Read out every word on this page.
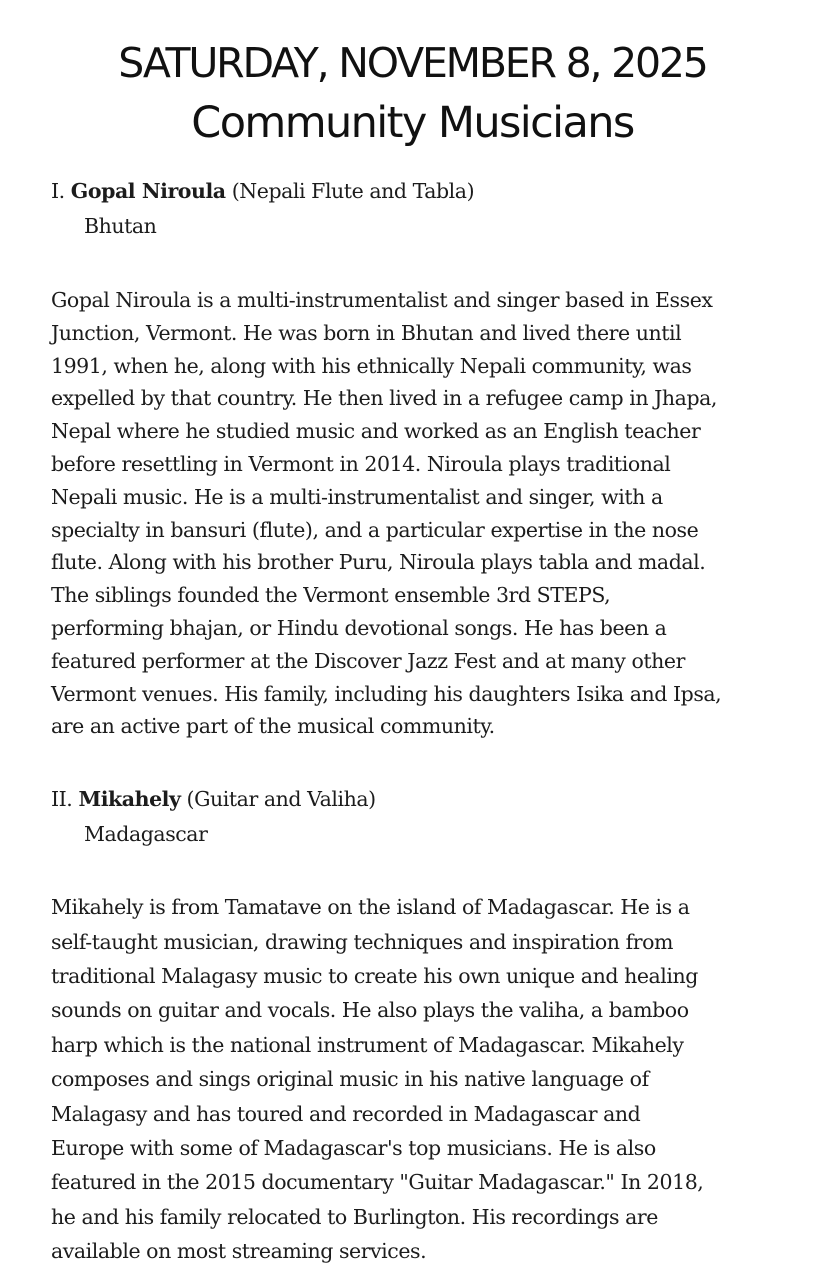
SATURDAY, NOVEMBER 8, 2025
Community Musicians
I. Gopal Niroula (Nepali Flute and Tabla)
Bhutan

Gopal Niroula is a multi-instrumentalist and singer based in Essex
Junction, Vermont. He was born in Bhutan and lived there until
1991, when he, along with his ethnically Nepali community, was
expelled by that country. He then lived in a refugee camp in Jhapa,
Nepal where he studied music and worked as an English teacher
before resettling in Vermont in 2014. Niroula plays traditional
Nepali music. He is a multi-instrumentalist and singer, with a
specialty in bansuri (flute), and a particular expertise in the nose
flute. Along with his brother Puru, Niroula plays tabla and madal.
The siblings founded the Vermont ensemble 3rd STEPS,
performing bhajan, or Hindu devotional songs. He has been a
featured performer at the Discover Jazz Fest and at many other
Vermont venues. His family, including his daughters Isika and Ipsa,
are an active part of the musical community.

II. Mikahely (Guitar and Valiha)
Madagascar

Mikahely is from Tamatave on the island of Madagascar. He is a
self-taught musician, drawing techniques and inspiration from
traditional Malagasy music to create his own unique and healing
sounds on guitar and vocals. He also plays the valiha, a bamboo
harp which is the national instrument of Madagascar. Mikahely
composes and sings original music in his native language of
Malagasy and has toured and recorded in Madagascar and
Europe with some of Madagascar's top musicians. He is also
featured in the 2015 documentary "Guitar Madagascar." In 2018,
he and his family relocated to Burlington. His recordings are
available on most streaming services.
